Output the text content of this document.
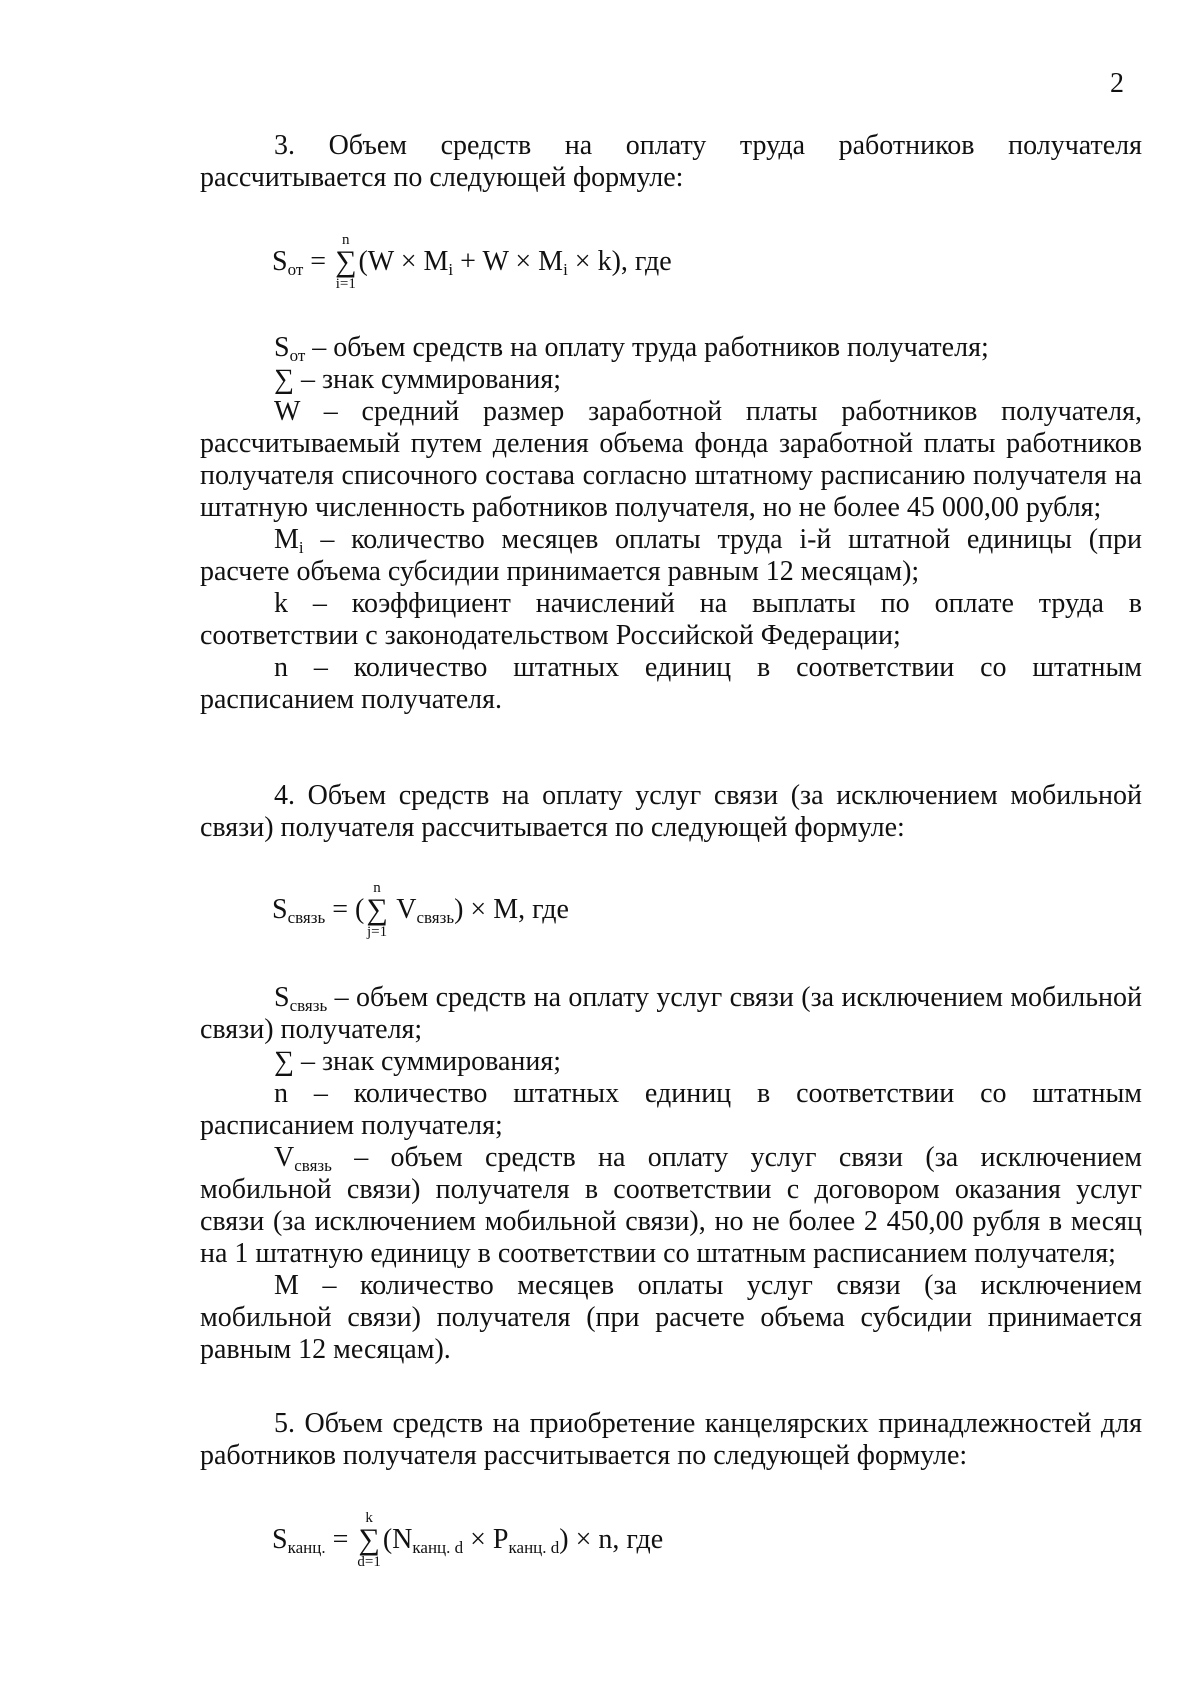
2

3. Объем средств на оплату труда работников получателя рассчитывается по следующей формуле:

$S_{от}$ =
n
∑
i=1
$(W \times M_i + W \times M_i \times k)$, где

$S_{от}$ – объем средств на оплату труда работников получателя;

∑ – знак суммирования;

W – средний размер заработной платы работников получателя, рассчитываемый путем деления объема фонда заработной платы работников получателя списочного состава согласно штатному расписанию получателя на штатную численность работников получателя, но не более 45 000,00 рубля;

$M_i$ – количество месяцев оплаты труда i-й штатной единицы (при расчете объема субсидии принимается равным 12 месяцам);

k – коэффициент начислений на выплаты по оплате труда в соответствии с законодательством Российской Федерации;

n – количество штатных единиц в соответствии со штатным расписанием получателя.

4. Объем средств на оплату услуг связи (за исключением мобильной связи) получателя рассчитывается по следующей формуле:

$S_{связь}$ = (
n
∑
j=1
$V_{связь}) \times M$, где

$S_{связь}$ – объем средств на оплату услуг связи (за исключением мобильной связи) получателя;

∑ – знак суммирования;

n – количество штатных единиц в соответствии со штатным расписанием получателя;

$V_{связь}$ – объем средств на оплату услуг связи (за исключением мобильной связи) получателя в соответствии с договором оказания услуг связи (за исключением мобильной связи), но не более 2 450,00 рубля в месяц на 1 штатную единицу в соответствии со штатным расписанием получателя;

M – количество месяцев оплаты услуг связи (за исключением мобильной связи) получателя (при расчете объема субсидии принимается равным 12 месяцам).

5. Объем средств на приобретение канцелярских принадлежностей для работников получателя рассчитывается по следующей формуле:

$S_{канц.}$ =
k
∑
d=1
$(N_{канц. d} \times P_{канц. d}) \times n$, где
